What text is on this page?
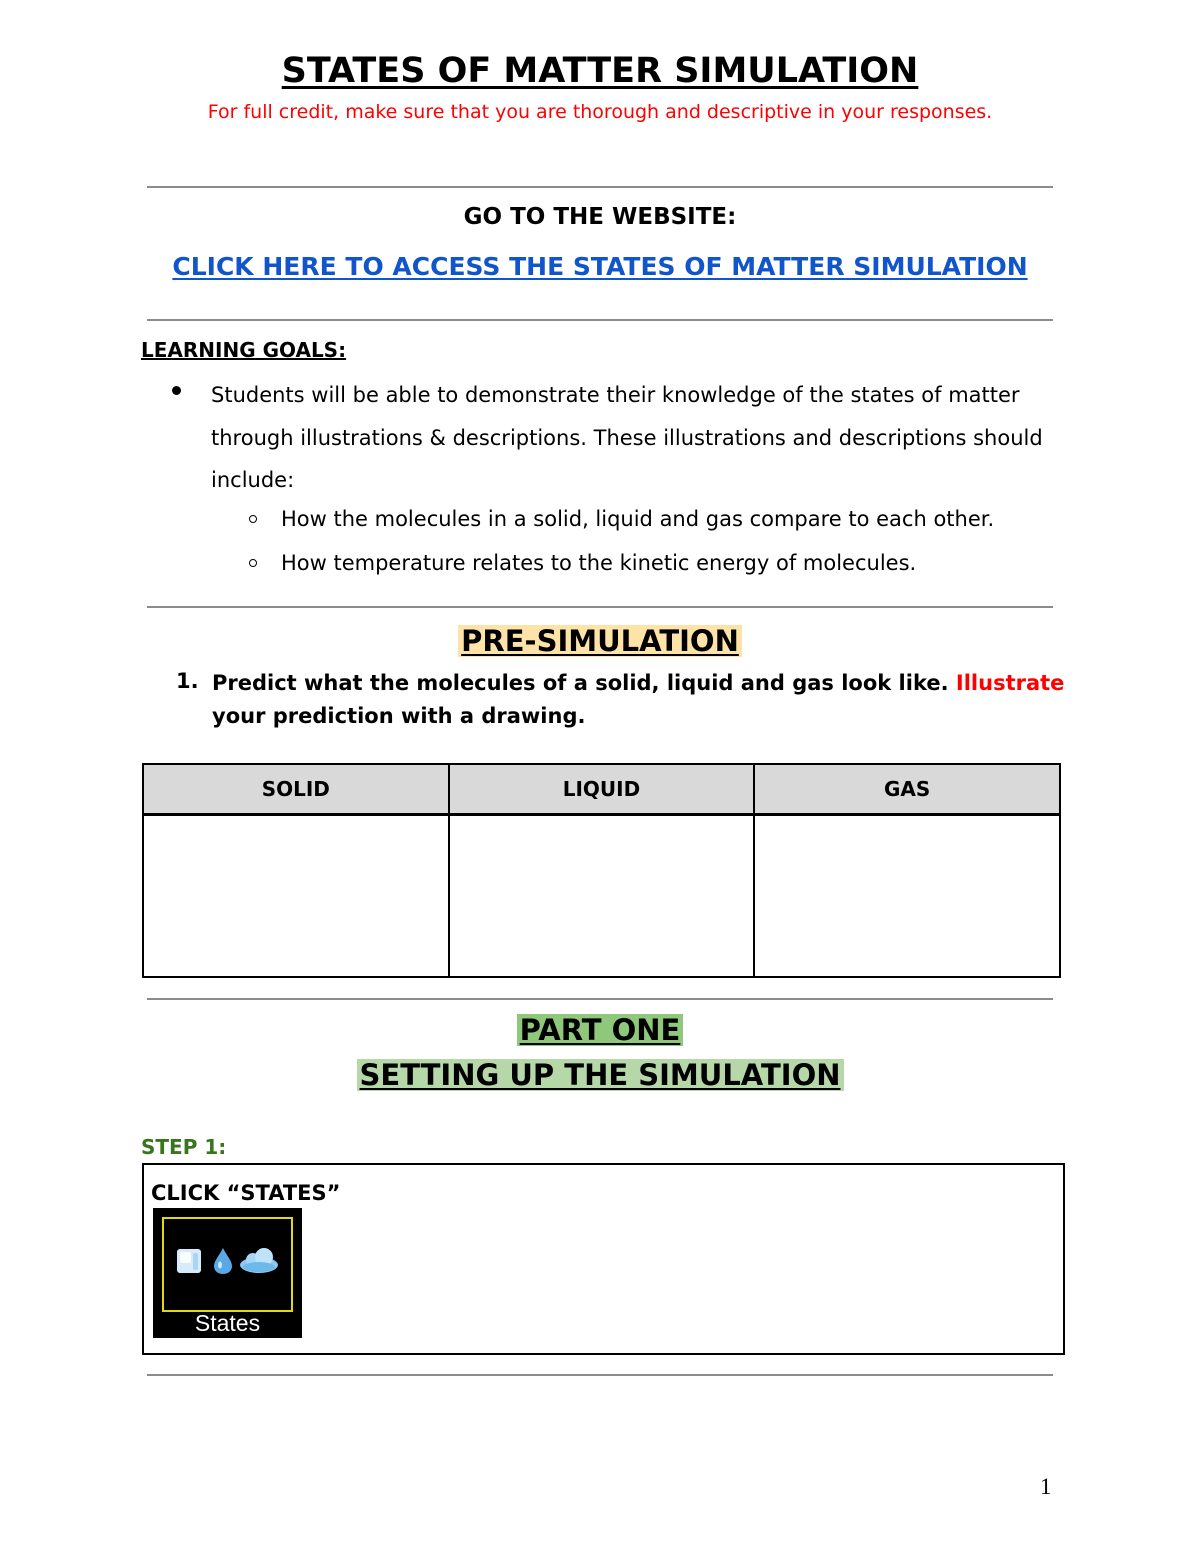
STATES OF MATTER SIMULATION
For full credit, make sure that you are thorough and descriptive in your responses.
GO TO THE WEBSITE:
CLICK HERE TO ACCESS THE STATES OF MATTER SIMULATION
LEARNING GOALS:
Students will be able to demonstrate their knowledge of the states of matter through illustrations & descriptions. These illustrations and descriptions should include:
How the molecules in a solid, liquid and gas compare to each other.
How temperature relates to the kinetic energy of molecules.
PRE-SIMULATION
1. Predict what the molecules of a solid, liquid and gas look like. Illustrate your prediction with a drawing.
SOLID	LIQUID	GAS

PART ONE
SETTING UP THE SIMULATION
STEP 1:
CLICK “STATES”
States
1
